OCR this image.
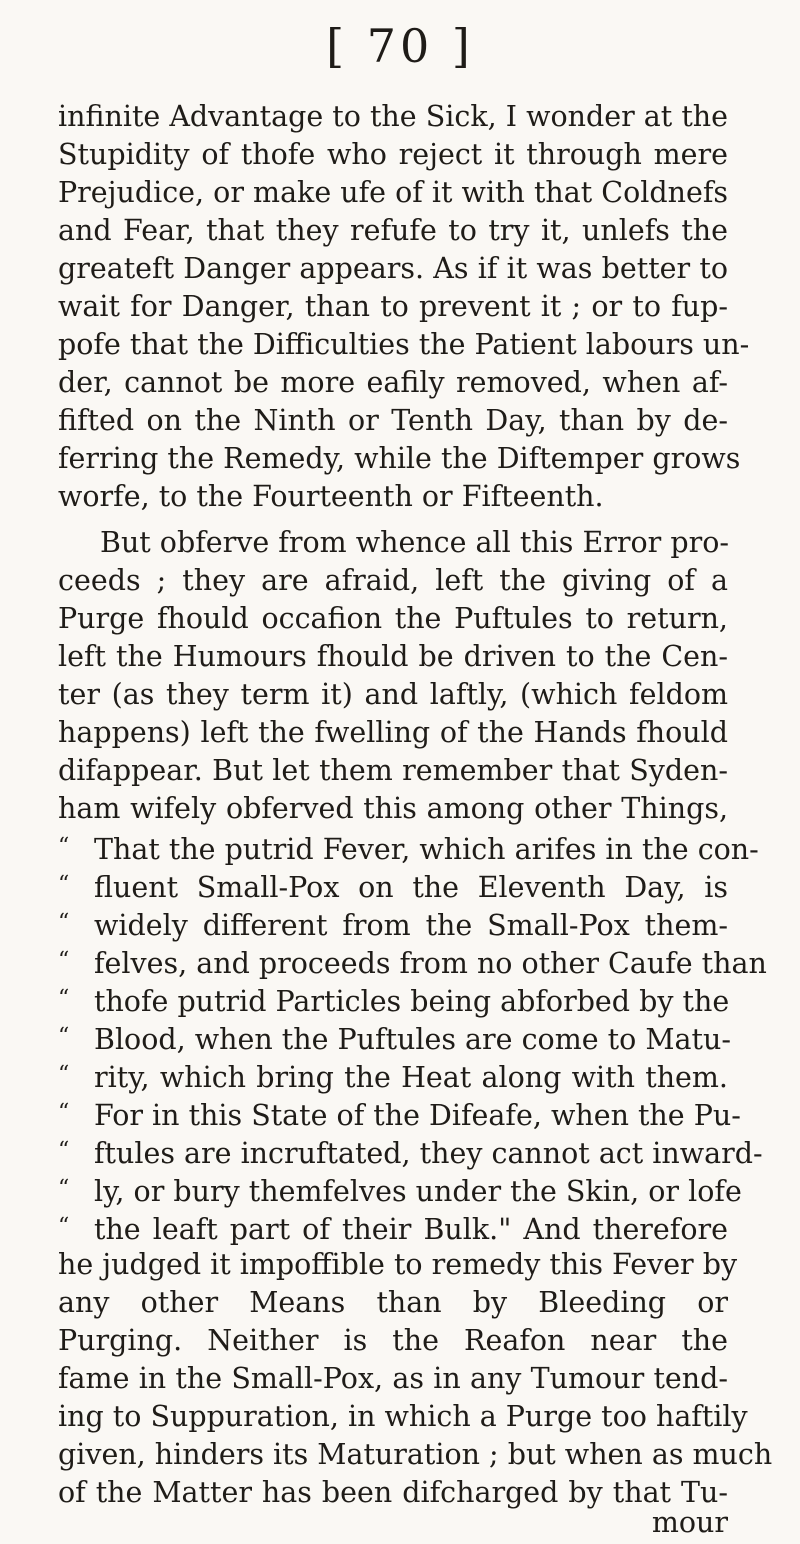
[ 70 ]
infinite Advantage to the Sick, I wonder at the
Stupidity of thofe who reject it through mere
Prejudice, or make ufe of it with that Coldnefs
and Fear, that they refufe to try it, unlefs the
greateft Danger appears. As if it was better to
wait for Danger, than to prevent it ; or to fup-
pofe that the Difficulties the Patient labours un-
der, cannot be more eafily removed, when af-
fifted on the Ninth or Tenth Day, than by de-
ferring the Remedy, while the Diftemper grows
worfe, to the Fourteenth or Fifteenth.
But obferve from whence all this Error pro-
ceeds ; they are afraid, left the giving of a
Purge fhould occafion the Puftules to return,
left the Humours fhould be driven to the Cen-
ter (as they term it) and laftly, (which feldom
happens) left the fwelling of the Hands fhould
difappear. But let them remember that Syden-
ham wifely obferved this among other Things,
“ That the putrid Fever, which arifes in the con-
“ fluent Small-Pox on the Eleventh Day, is
“ widely different from the Small-Pox them-
“ felves, and proceeds from no other Caufe than
“ thofe putrid Particles being abforbed by the
“ Blood, when the Puftules are come to Matu-
“ rity, which bring the Heat along with them.
“ For in this State of the Difeafe, when the Pu-
“ ftules are incruftated, they cannot act inward-
“ ly, or bury themfelves under the Skin, or lofe
“ the leaft part of their Bulk." And therefore
he judged it impoffible to remedy this Fever by
any other Means than by Bleeding or
Purging. Neither is the Reafon near the
fame in the Small-Pox, as in any Tumour tend-
ing to Suppuration, in which a Purge too haftily
given, hinders its Maturation ; but when as much
of the Matter has been difcharged by that Tu-
mour
